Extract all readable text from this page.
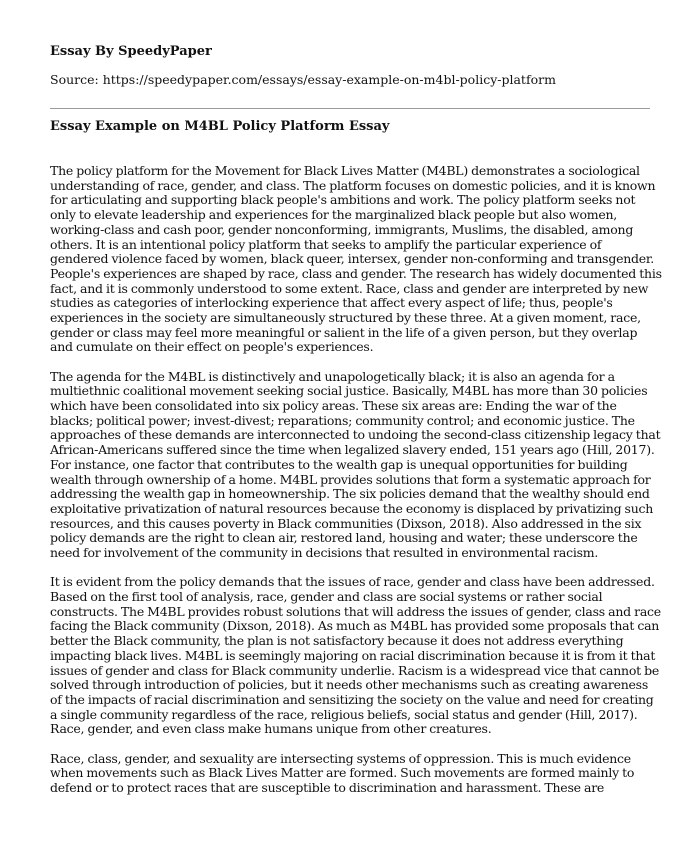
Essay By SpeedyPaper

Source: https://speedypaper.com/essays/essay-example-on-m4bl-policy-platform

Essay Example on M4BL Policy Platform Essay

The policy platform for the Movement for Black Lives Matter (M4BL) demonstrates a sociological understanding of race, gender, and class. The platform focuses on domestic policies, and it is known for articulating and supporting black people's ambitions and work. The policy platform seeks not only to elevate leadership and experiences for the marginalized black people but also women, working-class and cash poor, gender nonconforming, immigrants, Muslims, the disabled, among others. It is an intentional policy platform that seeks to amplify the particular experience of gendered violence faced by women, black queer, intersex, gender non-conforming and transgender. People's experiences are shaped by race, class and gender. The research has widely documented this fact, and it is commonly understood to some extent. Race, class and gender are interpreted by new studies as categories of interlocking experience that affect every aspect of life; thus, people's experiences in the society are simultaneously structured by these three. At a given moment, race, gender or class may feel more meaningful or salient in the life of a given person, but they overlap and cumulate on their effect on people's experiences.

The agenda for the M4BL is distinctively and unapologetically black; it is also an agenda for a multiethnic coalitional movement seeking social justice. Basically, M4BL has more than 30 policies which have been consolidated into six policy areas. These six areas are: Ending the war of the blacks; political power; invest-divest; reparations; community control; and economic justice. The approaches of these demands are interconnected to undoing the second-class citizenship legacy that African-Americans suffered since the time when legalized slavery ended, 151 years ago (Hill, 2017). For instance, one factor that contributes to the wealth gap is unequal opportunities for building wealth through ownership of a home. M4BL provides solutions that form a systematic approach for addressing the wealth gap in homeownership. The six policies demand that the wealthy should end exploitative privatization of natural resources because the economy is displaced by privatizing such resources, and this causes poverty in Black communities (Dixson, 2018). Also addressed in the six policy demands are the right to clean air, restored land, housing and water; these underscore the need for involvement of the community in decisions that resulted in environmental racism.

It is evident from the policy demands that the issues of race, gender and class have been addressed. Based on the first tool of analysis, race, gender and class are social systems or rather social constructs. The M4BL provides robust solutions that will address the issues of gender, class and race facing the Black community (Dixson, 2018). As much as M4BL has provided some proposals that can better the Black community, the plan is not satisfactory because it does not address everything impacting black lives. M4BL is seemingly majoring on racial discrimination because it is from it that issues of gender and class for Black community underlie. Racism is a widespread vice that cannot be solved through introduction of policies, but it needs other mechanisms such as creating awareness of the impacts of racial discrimination and sensitizing the society on the value and need for creating a single community regardless of the race, religious beliefs, social status and gender (Hill, 2017). Race, gender, and even class make humans unique from other creatures.

Race, class, gender, and sexuality are intersecting systems of oppression. This is much evidence when movements such as Black Lives Matter are formed. Such movements are formed mainly to defend or to protect races that are susceptible to discrimination and harassment. These are
